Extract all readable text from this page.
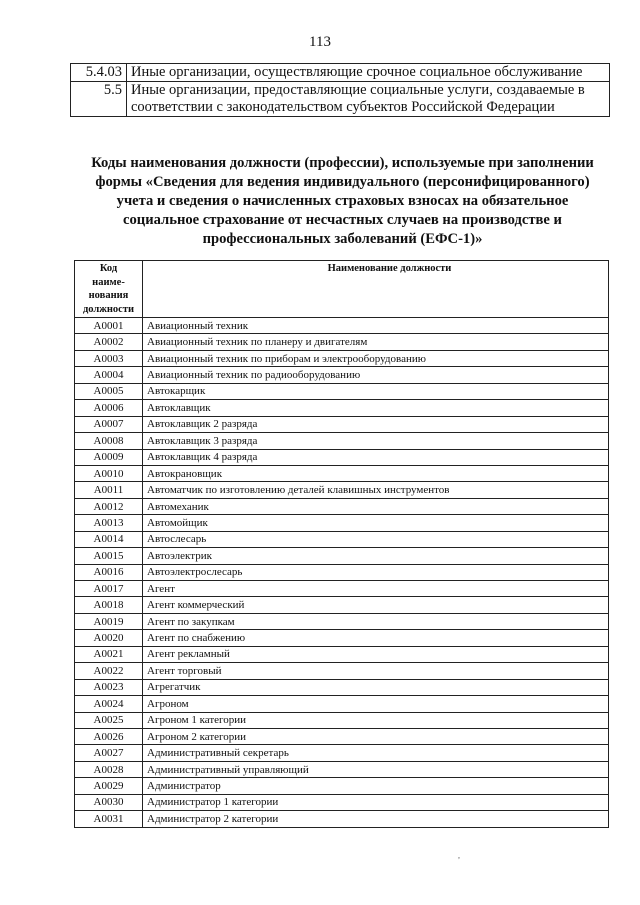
113
5.4.03	Иные организации, осуществляющие срочное социальное обслуживание
5.5	Иные организации, предоставляющие социальные услуги, создаваемые в соответствии с законодательством субъектов Российской Федерации
Коды наименования должности (профессии), используемые при заполнении
формы «Сведения для ведения индивидуального (персонифицированного)
учета и сведения о начисленных страховых взносах на обязательное
социальное страхование от несчастных случаев на производстве и
профессиональных заболеваний (ЕФС-1)»
Код
наиме-
нования
должности	Наименование должности
А0001	Авиационный техник
А0002	Авиационный техник по планеру и двигателям
А0003	Авиационный техник по приборам и электрооборудованию
А0004	Авиационный техник по радиооборудованию
А0005	Автокарщик
А0006	Автоклавщик
А0007	Автоклавщик 2 разряда
А0008	Автоклавщик 3 разряда
А0009	Автоклавщик 4 разряда
А0010	Автокрановщик
А0011	Автоматчик по изготовлению деталей клавишных инструментов
А0012	Автомеханик
А0013	Автомойщик
А0014	Автослесарь
А0015	Автоэлектрик
А0016	Автоэлектрослесарь
А0017	Агент
А0018	Агент коммерческий
А0019	Агент по закупкам
А0020	Агент по снабжению
А0021	Агент рекламный
А0022	Агент торговый
А0023	Агрегатчик
А0024	Агроном
А0025	Агроном 1 категории
А0026	Агроном 2 категории
А0027	Административный секретарь
А0028	Административный управляющий
А0029	Администратор
А0030	Администратор 1 категории
А0031	Администратор 2 категории
,
